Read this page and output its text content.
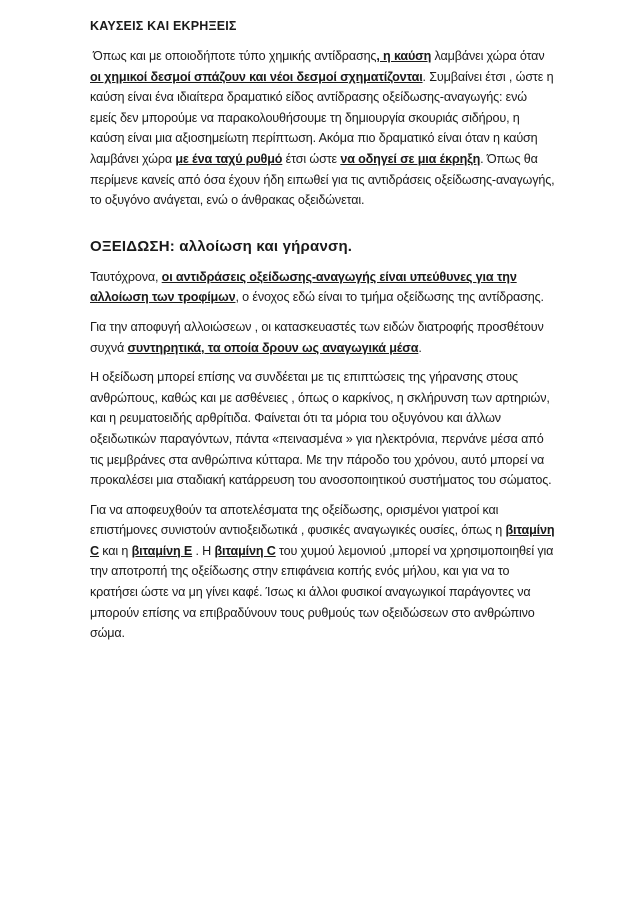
ΚΑΥΣΕΙΣ ΚΑΙ ΕΚΡΗΞΕΙΣ

Όπως και με οποιοδήποτε τύπο χημικής αντίδρασης, η καύση λαμβάνει χώρα όταν οι χημικοί δεσμοί σπάζουν και νέοι δεσμοί σχηματίζονται. Συμβαίνει έτσι , ώστε η καύση είναι ένα ιδιαίτερα δραματικό είδος αντίδρασης οξείδωσης-αναγωγής: ενώ εμείς δεν μπορούμε να παρακολουθήσουμε τη δημιουργία σκουριάς σιδήρου, η καύση είναι μια αξιοσημείωτη περίπτωση. Ακόμα πιο δραματικό είναι όταν η καύση λαμβάνει χώρα με ένα ταχύ ρυθμό έτσι ώστε να οδηγεί σε μια έκρηξη. Όπως θα περίμενε κανείς από όσα έχουν ήδη ειπωθεί για τις αντιδράσεις οξείδωσης-αναγωγής, το οξυγόνο ανάγεται, ενώ ο άνθρακας οξειδώνεται.

ΟΞΕΙΔΩΣΗ: αλλοίωση και γήρανση.

Ταυτόχρονα, οι αντιδράσεις οξείδωσης-αναγωγής είναι υπεύθυνες για την αλλοίωση των τροφίμων, ο ένοχος εδώ είναι το τμήμα οξείδωσης της αντίδρασης.

Για την αποφυγή αλλοιώσεων , οι κατασκευαστές των ειδών διατροφής προσθέτουν συχνά συντηρητικά, τα οποία δρουν ως αναγωγικά μέσα.

Η οξείδωση μπορεί επίσης να συνδέεται με τις επιπτώσεις της γήρανσης στους ανθρώπους, καθώς και με ασθένειες , όπως ο καρκίνος, η σκλήρυνση των αρτηριών, και η ρευματοειδής αρθρίτιδα. Φαίνεται ότι τα μόρια του οξυγόνου και άλλων οξειδωτικών παραγόντων, πάντα «πεινασμένα » για ηλεκτρόνια, περνάνε μέσα από τις μεμβράνες στα ανθρώπινα κύτταρα. Με την πάροδο του χρόνου, αυτό μπορεί να προκαλέσει μια σταδιακή κατάρρευση του ανοσοποιητικού συστήματος του σώματος.

Για να αποφευχθούν τα αποτελέσματα της οξείδωσης, ορισμένοι γιατροί και επιστήμονες συνιστούν αντιοξειδωτικά , φυσικές αναγωγικές ουσίες, όπως η βιταμίνη C και η βιταμίνη E . Η βιταμίνη C του χυμού λεμονιού ,μπορεί να χρησιμοποιηθεί για την αποτροπή της οξείδωσης στην επιφάνεια κοπής ενός μήλου, και για να το κρατήσει ώστε να μη γίνει καφέ. Ίσως κι άλλοι φυσικοί αναγωγικοί παράγοντες να μπορούν επίσης να επιβραδύνουν τους ρυθμούς των οξειδώσεων στο ανθρώπινο σώμα.
